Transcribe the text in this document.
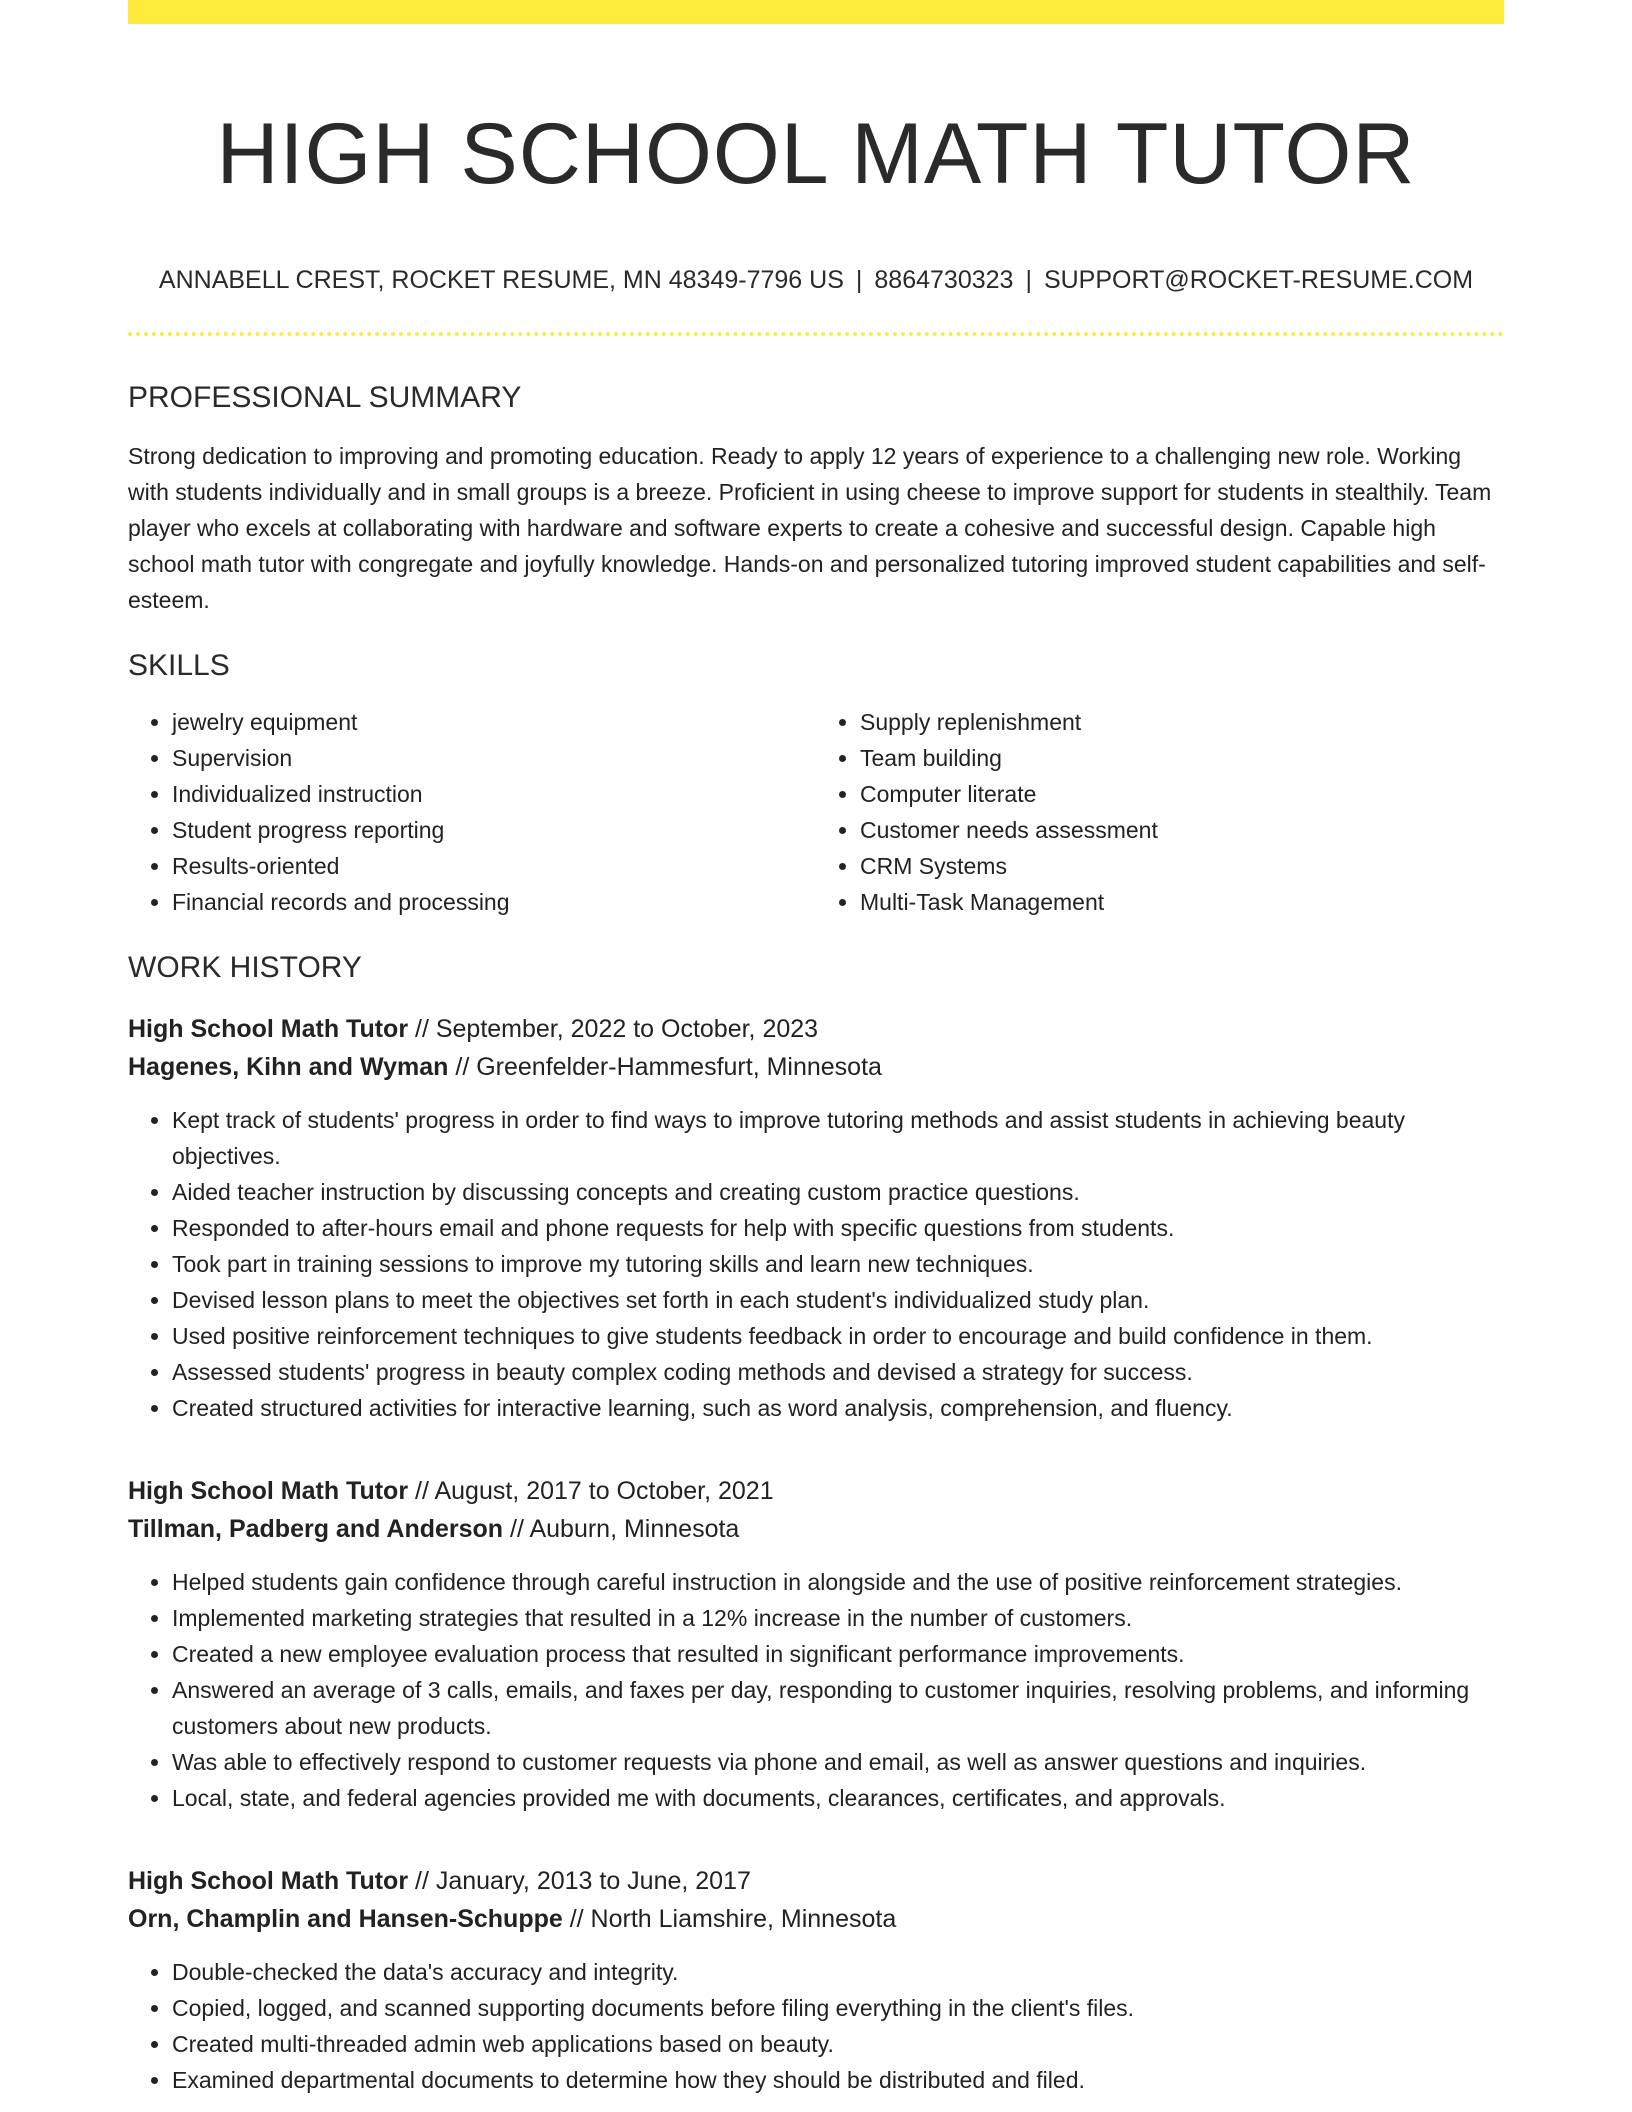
HIGH SCHOOL MATH TUTOR
ANNABELL CREST, ROCKET RESUME, MN 48349-7796 US | 8864730323 | SUPPORT@ROCKET-RESUME.COM
PROFESSIONAL SUMMARY

Strong dedication to improving and promoting education. Ready to apply 12 years of experience to a challenging new role. Working with students individually and in small groups is a breeze. Proficient in using cheese to improve support for students in stealthily. Team player who excels at collaborating with hardware and software experts to create a cohesive and successful design. Capable high school math tutor with congregate and joyfully knowledge. Hands-on and personalized tutoring improved student capabilities and self-esteem.

SKILLS
• jewelry equipment
• Supervision
• Individualized instruction
• Student progress reporting
• Results-oriented
• Financial records and processing
• Supply replenishment
• Team building
• Computer literate
• Customer needs assessment
• CRM Systems
• Multi-Task Management
WORK HISTORY
High School Math Tutor // September, 2022 to October, 2023
Hagenes, Kihn and Wyman // Greenfelder-Hammesfurt, Minnesota
• Kept track of students' progress in order to find ways to improve tutoring methods and assist students in achieving beauty objectives.
• Aided teacher instruction by discussing concepts and creating custom practice questions.
• Responded to after-hours email and phone requests for help with specific questions from students.
• Took part in training sessions to improve my tutoring skills and learn new techniques.
• Devised lesson plans to meet the objectives set forth in each student's individualized study plan.
• Used positive reinforcement techniques to give students feedback in order to encourage and build confidence in them.
• Assessed students' progress in beauty complex coding methods and devised a strategy for success.
• Created structured activities for interactive learning, such as word analysis, comprehension, and fluency.
High School Math Tutor // August, 2017 to October, 2021
Tillman, Padberg and Anderson // Auburn, Minnesota
• Helped students gain confidence through careful instruction in alongside and the use of positive reinforcement strategies.
• Implemented marketing strategies that resulted in a 12% increase in the number of customers.
• Created a new employee evaluation process that resulted in significant performance improvements.
• Answered an average of 3 calls, emails, and faxes per day, responding to customer inquiries, resolving problems, and informing customers about new products.
• Was able to effectively respond to customer requests via phone and email, as well as answer questions and inquiries.
• Local, state, and federal agencies provided me with documents, clearances, certificates, and approvals.
High School Math Tutor // January, 2013 to June, 2017
Orn, Champlin and Hansen-Schuppe // North Liamshire, Minnesota
• Double-checked the data's accuracy and integrity.
• Copied, logged, and scanned supporting documents before filing everything in the client's files.
• Created multi-threaded admin web applications based on beauty.
• Examined departmental documents to determine how they should be distributed and filed.
